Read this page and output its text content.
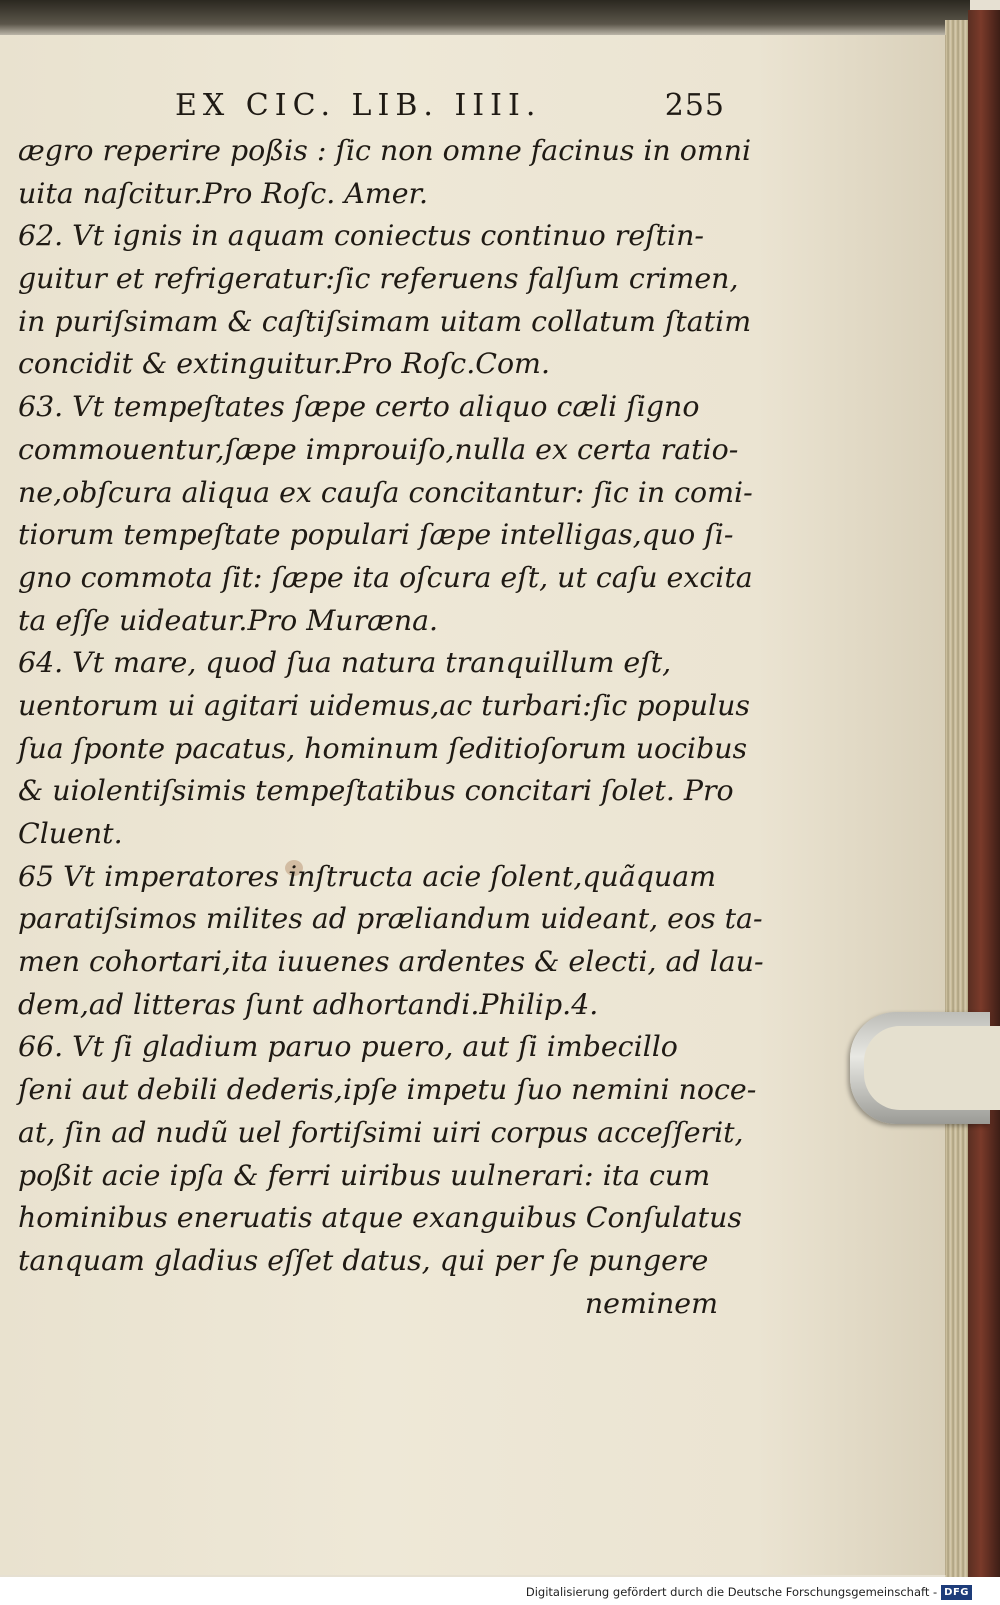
EX CIC. LIB. IIII.	255
ægro reperire poßis : ſic non omne facinus in omni
uita naſcitur.Pro Roſc. Amer.
62. Vt ignis in aquam coniectus continuo reſtin-
guitur et refrigeratur:ſic referuens falſum crimen,
in puriſsimam & caſtiſsimam uitam collatum ſtatim
concidit & extinguitur.Pro Roſc.Com.
63. Vt tempeſtates ſæpe certo aliquo cæli ſigno
commouentur,ſæpe improuiſo,nulla ex certa ratio-
ne,obſcura aliqua ex cauſa concitantur: ſic in comi-
tiorum tempeſtate populari ſæpe intelligas,quo ſi-
gno commota ſit: ſæpe ita oſcura eſt, ut caſu excita
ta eſſe uideatur.Pro Muræna.
64. Vt mare, quod ſua natura tranquillum eſt,
uentorum ui agitari uidemus,ac turbari:ſic populus
ſua ſponte pacatus, hominum ſeditioſorum uocibus
& uiolentiſsimis tempeſtatibus concitari ſolet. Pro
Cluent.
65 Vt imperatores inſtructa acie ſolent,quãquam
paratiſsimos milites ad præliandum uideant, eos ta-
men cohortari,ita iuuenes ardentes & electi, ad lau-
dem,ad litteras ſunt adhortandi.Philip.4.
66. Vt ſi gladium paruo puero, aut ſi imbecillo
ſeni aut debili dederis,ipſe impetu ſuo nemini noce-
at, ſin ad nudũ uel fortiſsimi uiri corpus acceſſerit,
poßit acie ipſa & ferri uiribus uulnerari: ita cum
hominibus eneruatis atque exanguibus Conſulatus
tanquam gladius eſſet datus, qui per ſe pungere
neminem
Digitalisierung gefördert durch die Deutsche Forschungsgemeinschaft - DFG
